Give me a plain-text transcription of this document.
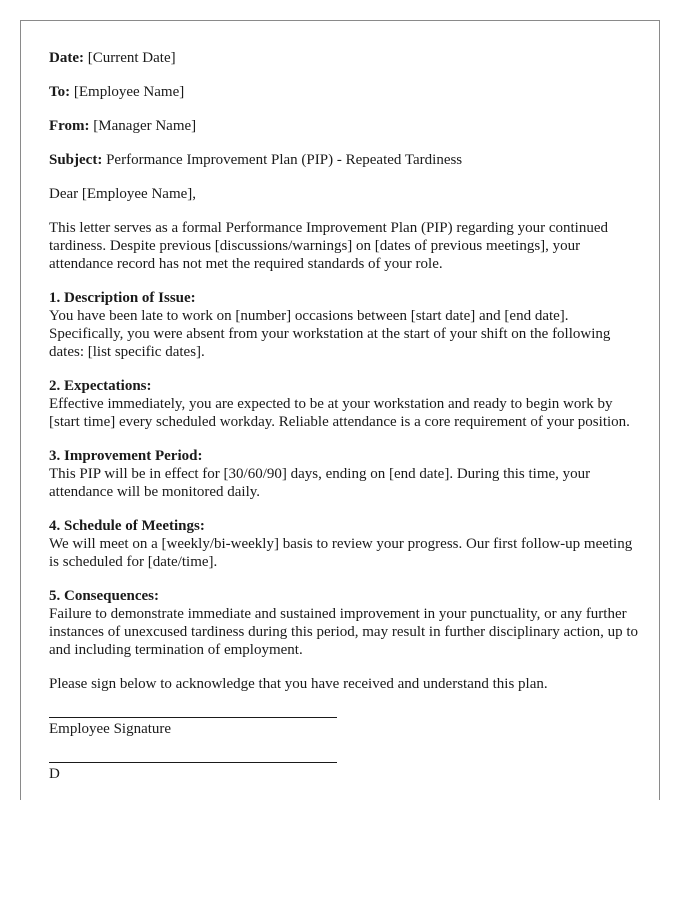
Date: [Current Date]
To: [Employee Name]
From: [Manager Name]
Subject: Performance Improvement Plan (PIP) - Repeated Tardiness

Dear [Employee Name],

This letter serves as a formal Performance Improvement Plan (PIP) regarding your continued tardiness. Despite previous [discussions/warnings] on [dates of previous meetings], your attendance record has not met the required standards of your role.

1. Description of Issue:
You have been late to work on [number] occasions between [start date] and [end date]. Specifically, you were absent from your workstation at the start of your shift on the following dates: [list specific dates].
2. Expectations:
Effective immediately, you are expected to be at your workstation and ready to begin work by [start time] every scheduled workday. Reliable attendance is a core requirement of your position.
3. Improvement Period:
This PIP will be in effect for [30/60/90] days, ending on [end date]. During this time, your attendance will be monitored daily.
4. Schedule of Meetings:
We will meet on a [weekly/bi-weekly] basis to review your progress. Our first follow-up meeting is scheduled for [date/time].
5. Consequences:
Failure to demonstrate immediate and sustained improvement in your punctuality, or any further instances of unexcused tardiness during this period, may result in further disciplinary action, up to and including termination of employment.

Please sign below to acknowledge that you have received and understand this plan.

Employee Signature
D
